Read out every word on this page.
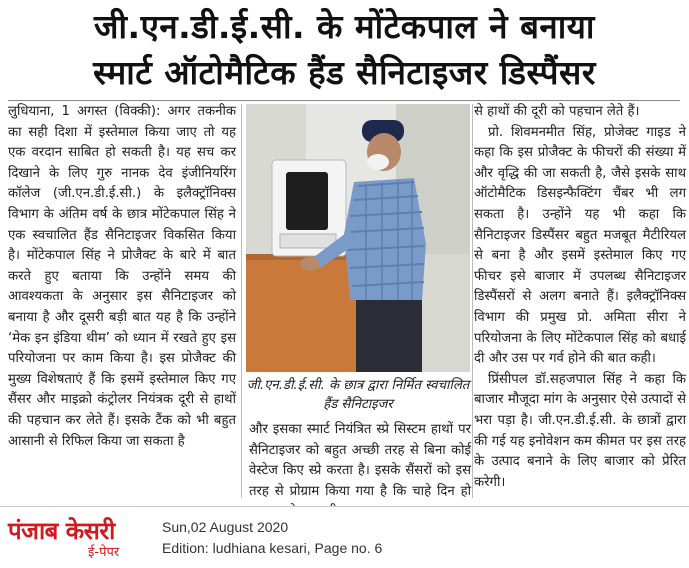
जी.एन.डी.ई.सी. के मोंटेकपाल ने बनाया
स्मार्ट ऑटोमैटिक हैंड सैनिटाइजर डिस्पैंसर

लुधियाना, 1 अगस्त (विक्की): अगर तकनीक का सही दिशा में इस्तेमाल किया जाए तो यह एक वरदान साबित हो सकती है। यह सच कर दिखाने के लिए गुरु नानक देव इंजीनियरिंग कॉलेज (जी.एन.डी.ई.सी.) के इलैक्ट्रॉनिक्स विभाग के अंतिम वर्ष के छात्र मोंटेकपाल सिंह ने एक स्वचालित हैंड सैनिटाइजर विकसित किया है। मोंटेकपाल सिंह ने प्रोजैक्ट के बारे में बात करते हुए बताया कि उन्होंने समय की आवश्यकता के अनुसार इस सैनिटाइजर को बनाया है और दूसरी बड़ी बात यह है कि उन्होंने ‘मेक इन इंडिया थीम’ को ध्यान में रखते हुए इस परियोजना पर काम किया है। इस प्रोजैक्ट की मुख्य विशेषताएं हैं कि इसमें इस्तेमाल किए गए सैंसर और माइक्रो कंट्रोलर नियंत्रक दूरी से हाथों की पहचान कर लेते हैं। इसके टैंक को भी बहुत आसानी से रिफिल किया जा सकता है

जी.एन.डी.ई.सी. के छात्र द्वारा निर्मित स्वचालित हैंड सैनिटाइजर

और इसका स्मार्ट नियंत्रित स्प्रे सिस्टम हाथों पर सैनिटाइजर को बहुत अच्छी तरह से बिना कोई वेस्टेज किए स्प्रे करता है। इसके सैंसरों को इस तरह से प्रोग्राम किया गया है कि चाहे दिन हो

से हाथों की दूरी को पहचान लेते हैं।

प्रो. शिवमनमीत सिंह, प्रोजेक्ट गाइड ने कहा कि इस प्रोजैक्ट के फीचरों की संख्या में और वृद्धि की जा सकती है, जैसे इसके साथ ऑटोमैटिक डिसइन्फैक्टिंग चैंबर भी लग सकता है। उन्होंने यह भी कहा कि सैनिटाइजर डिस्पैंसर बहुत मजबूत मैटीरियल से बना है और इसमें इस्तेमाल किए गए फीचर इसे बाजार में उपलब्ध सैनिटाइजर डिस्पैंसरों से अलग बनाते हैं। इलैक्ट्रॉनिक्स विभाग की प्रमुख प्रो. अमिता सीरा ने परियोजना के लिए मोंटेकपाल सिंह को बधाई दी और उस पर गर्व होने की बात कही।

प्रिंसीपल डॉ.सहजपाल सिंह ने कहा कि बाजार मौजूदा मांग के अनुसार ऐसे उत्पादों से भरा पड़ा है। जी.एन.डी.ई.सी. के छात्रों द्वारा की गई यह इनोवेशन कम कीमत पर इस तरह के उत्पाद बनाने के लिए बाजार को प्रेरित करेगी।

पंजाब केसरी
ई-पेपर
Sun,02 August 2020
Edition: ludhiana kesari, Page no. 6
